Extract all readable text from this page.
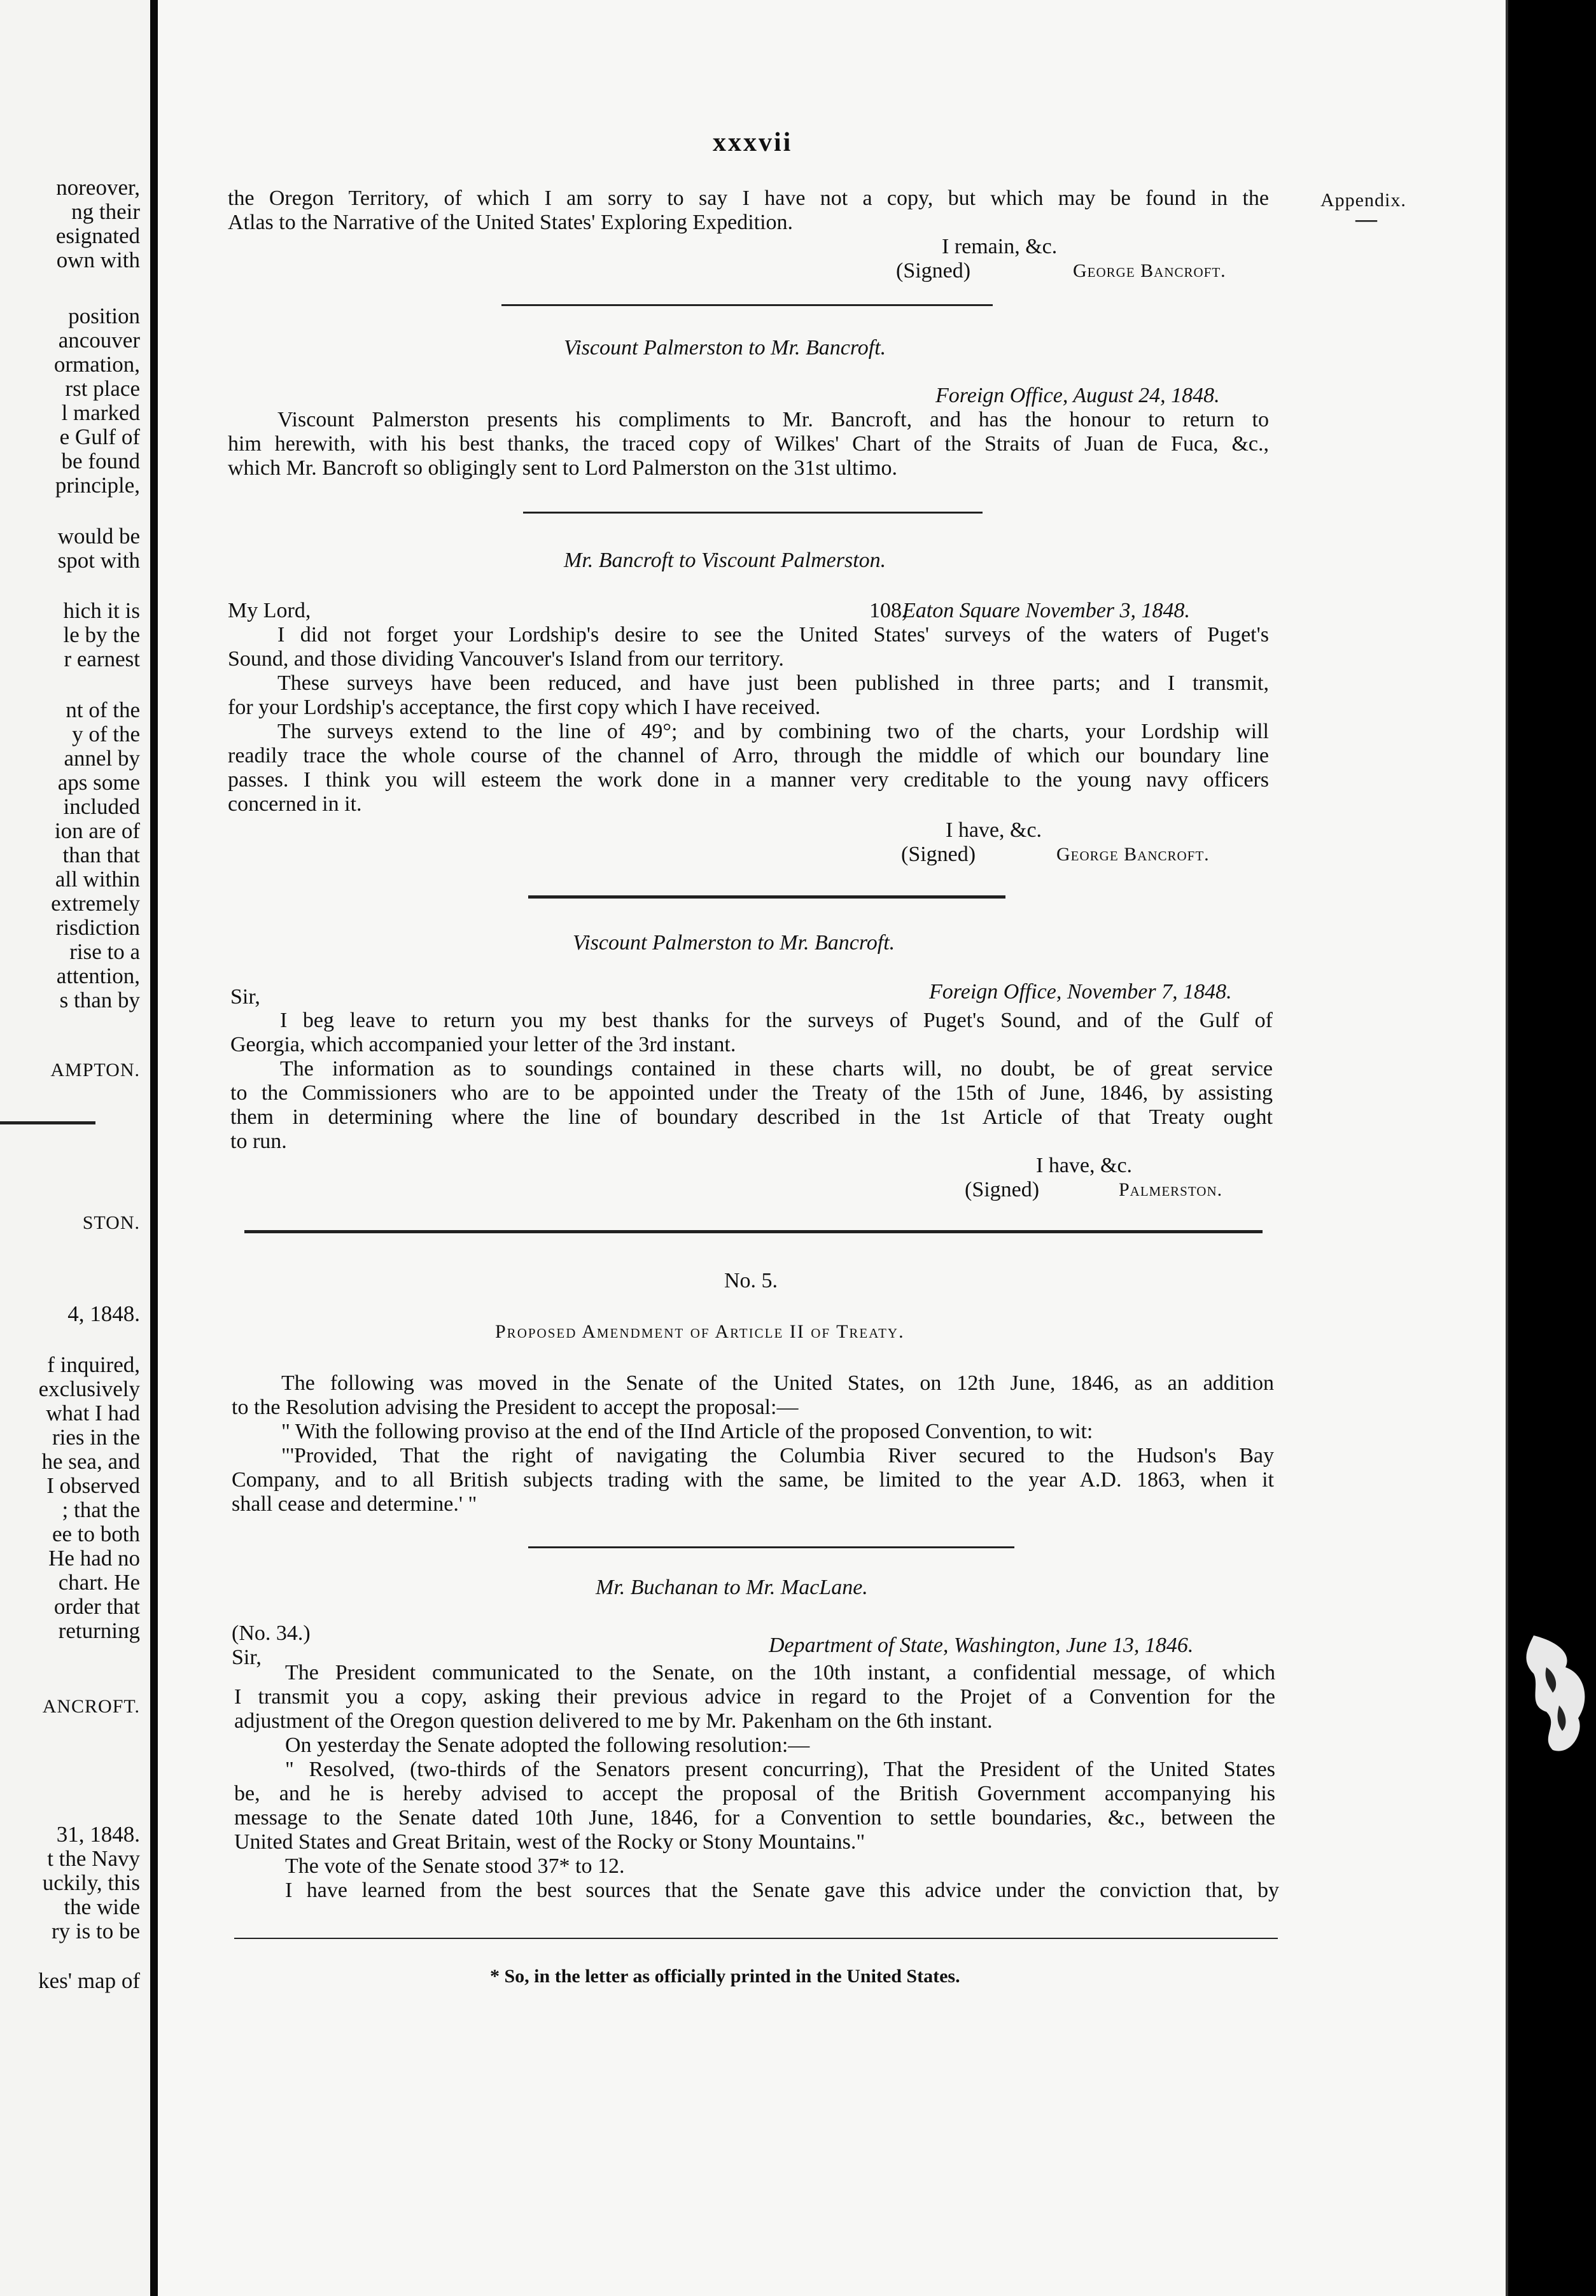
noreover,
ng their
esignated
own with
position
ancouver
ormation,
rst place
l marked
e Gulf of
be found
principle,
would be
spot with
hich it is
le by the
r earnest
nt of the
y of the
annel by
aps some
included
ion are of
than that
all within
extremely
risdiction
rise to a
attention,
s than by
AMPTON.
STON.
4, 1848.
f inquired,
exclusively
what I had
ries in the
he sea, and
I observed
; that the
ee to both
He had no
chart. He
order that
returning
ANCROFT.
31, 1848.
t the Navy
uckily, this
the wide
ry is to be
kes' map of
xxxvii
Appendix.
—
the Oregon Territory, of which I am sorry to say I have not a copy, but which may be found in the
Atlas to the Narrative of the United States' Exploring Expedition.
I remain, &c.
(Signed)	George Bancroft.
Viscount Palmerston to Mr. Bancroft.
Foreign Office, August 24, 1848.
Viscount Palmerston presents his compliments to Mr. Bancroft, and has the honour to return to
him herewith, with his best thanks, the traced copy of Wilkes' Chart of the Straits of Juan de Fuca, &c.,
which Mr. Bancroft so obligingly sent to Lord Palmerston on the 31st ultimo.
Mr. Bancroft to Viscount Palmerston.
My Lord,	108,
Eaton Square November 3, 1848.
I did not forget your Lordship's desire to see the United States' surveys of the waters of Puget's
Sound, and those dividing Vancouver's Island from our territory.
These surveys have been reduced, and have just been published in three parts; and I transmit,
for your Lordship's acceptance, the first copy which I have received.
The surveys extend to the line of 49°; and by combining two of the charts, your Lordship will
readily trace the whole course of the channel of Arro, through the middle of which our boundary line
passes. I think you will esteem the work done in a manner very creditable to the young navy officers
concerned in it.
I have, &c.
(Signed)	George Bancroft.
Viscount Palmerston to Mr. Bancroft.
Sir,	Foreign Office, November 7, 1848.
I beg leave to return you my best thanks for the surveys of Puget's Sound, and of the Gulf of
Georgia, which accompanied your letter of the 3rd instant.
The information as to soundings contained in these charts will, no doubt, be of great service
to the Commissioners who are to be appointed under the Treaty of the 15th of June, 1846, by assisting
them in determining where the line of boundary described in the 1st Article of that Treaty ought
to run.
I have, &c.
(Signed)	Palmerston.
No. 5.
Proposed Amendment of Article II of Treaty.
The following was moved in the Senate of the United States, on 12th June, 1846, as an addition
to the Resolution advising the President to accept the proposal:—
" With the following proviso at the end of the IInd Article of the proposed Convention, to wit:
"'Provided, That the right of navigating the Columbia River secured to the Hudson's Bay
Company, and to all British subjects trading with the same, be limited to the year A.D. 1863, when it
shall cease and determine.' "
Mr. Buchanan to Mr. MacLane.
(No. 34.)
Sir,
Department of State, Washington, June 13, 1846.
The President communicated to the Senate, on the 10th instant, a confidential message, of which
I transmit you a copy, asking their previous advice in regard to the Projet of a Convention for the
adjustment of the Oregon question delivered to me by Mr. Pakenham on the 6th instant.
On yesterday the Senate adopted the following resolution:—
" Resolved, (two-thirds of the Senators present concurring), That the President of the United States
be, and he is hereby advised to accept the proposal of the British Government accompanying his
message to the Senate dated 10th June, 1846, for a Convention to settle boundaries, &c., between the
United States and Great Britain, west of the Rocky or Stony Mountains."
The vote of the Senate stood 37* to 12.
I have learned from the best sources that the Senate gave this advice under the conviction that, by
* So, in the letter as officially printed in the United States.
